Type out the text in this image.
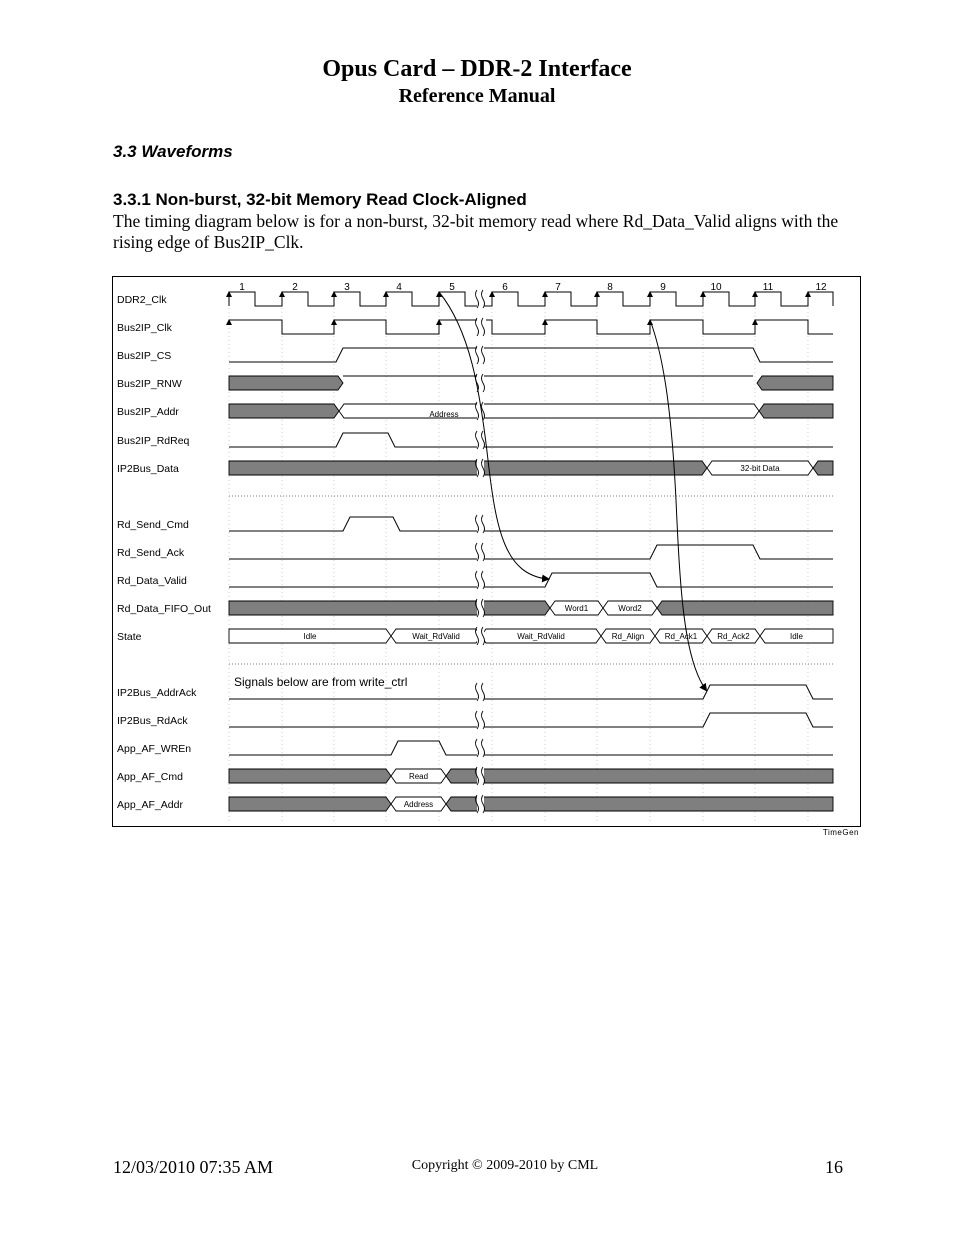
Opus Card – DDR-2 Interface
Reference Manual
3.3 Waveforms
3.3.1 Non-burst, 32-bit Memory Read Clock-Aligned
The timing diagram below is for a non-burst, 32-bit memory read where Rd_Data_Valid aligns with the rising edge of Bus2IP_Clk.
1	2	3	4	5	6	7	8	9	10	11	12
DDR2_Clk
Bus2IP_Clk
Bus2IP_CS
Bus2IP_RNW
Bus2IP_Addr
Bus2IP_RdReq
IP2Bus_Data
Rd_Send_Cmd
Rd_Send_Ack
Rd_Data_Valid
Rd_Data_FIFO_Out
State
IP2Bus_AddrAck
IP2Bus_RdAck
App_AF_WREn
App_AF_Cmd
App_AF_Addr
Address
32-bit Data
Word1	Word2
Idle	Wait_RdValid	Wait_RdValid	Rd_Align	Rd_Ack1	Rd_Ack2	Idle
Read
Address
Signals below are from write_ctrl
TimeGen
12/03/2010 07:35 AM	Copyright © 2009-2010 by CML	16
